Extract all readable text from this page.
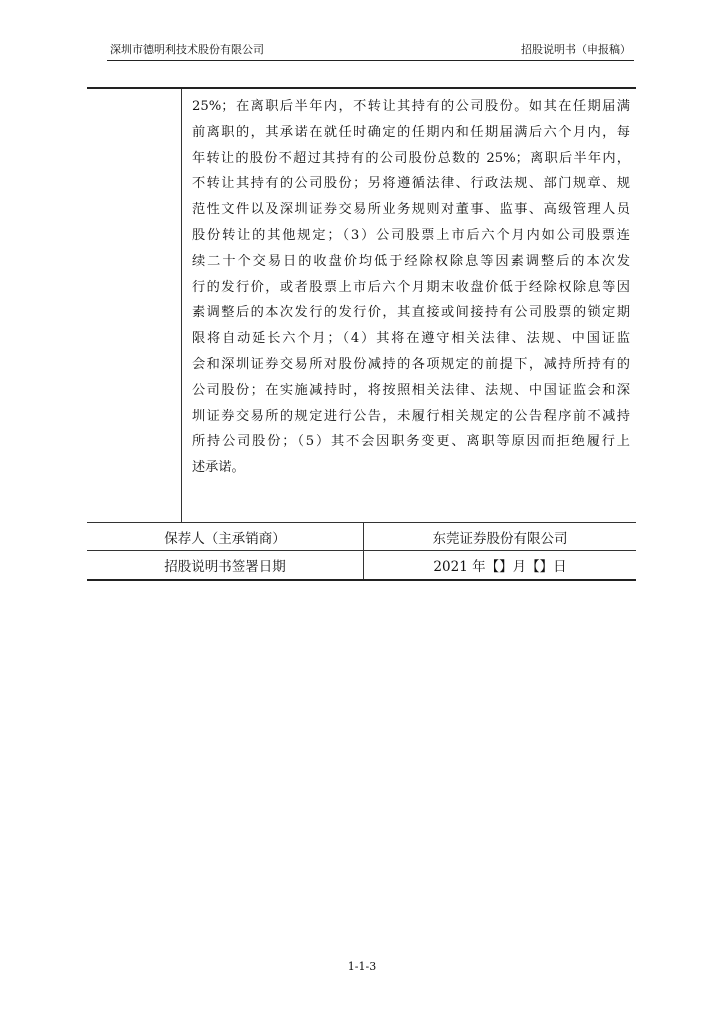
深圳市德明利技术股份有限公司	招股说明书（申报稿）

25%；在离职后半年内，不转让其持有的公司股份。如其在任期届满
前离职的，其承诺在就任时确定的任期内和任期届满后六个月内，每
年转让的股份不超过其持有的公司股份总数的 25%；离职后半年内，
不转让其持有的公司股份；另将遵循法律、行政法规、部门规章、规
范性文件以及深圳证券交易所业务规则对董事、监事、高级管理人员
股份转让的其他规定；（3）公司股票上市后六个月内如公司股票连
续二十个交易日的收盘价均低于经除权除息等因素调整后的本次发
行的发行价，或者股票上市后六个月期末收盘价低于经除权除息等因
素调整后的本次发行的发行价，其直接或间接持有公司股票的锁定期
限将自动延长六个月；（4）其将在遵守相关法律、法规、中国证监
会和深圳证券交易所对股份减持的各项规定的前提下，减持所持有的
公司股份；在实施减持时，将按照相关法律、法规、中国证监会和深
圳证券交易所的规定进行公告，未履行相关规定的公告程序前不减持
所持公司股份；（5）其不会因职务变更、离职等原因而拒绝履行上
述承诺。

保荐人（主承销商）	东莞证券股份有限公司
招股说明书签署日期	2021 年【】月【】日
1-1-3
